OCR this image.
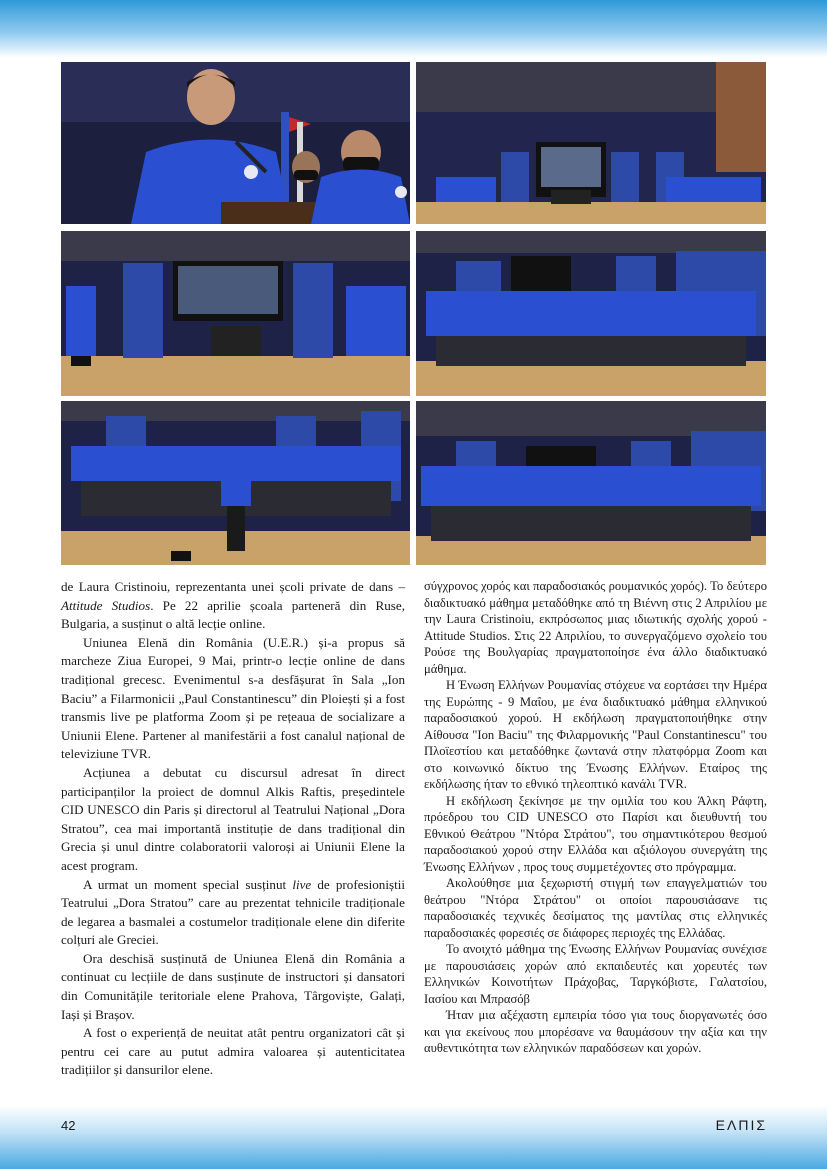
de Laura Cristinoiu, reprezentanta unei școli private de dans – Attitude Studios. Pe 22 aprilie școala parteneră din Ruse, Bulgaria, a susținut o altă lecție online.

Uniunea Elenă din România (U.E.R.) și-a propus să marcheze Ziua Europei, 9 Mai, printr-o lecție online de dans tradițional grecesc. Evenimentul s-a desfășurat în Sala „Ion Baciu” a Filarmonicii „Paul Constantinescu” din Ploiești și a fost transmis live pe platforma Zoom și pe rețeaua de socializare a Uniunii Elene. Partener al manifestării a fost canalul național de televiziune TVR.

Acțiunea a debutat cu discursul adresat în direct participanților la proiect de domnul Alkis Raftis, președintele CID UNESCO din Paris și directorul al Teatrului Național „Dora Stratou”, cea mai importantă instituție de dans tradițional din Grecia și unul dintre colaboratorii valoroși ai Uniunii Elene la acest program.

A urmat un moment special susținut live de profesioniștii Teatrului „Dora Stratou” care au prezentat tehnicile tradiționale de legarea a basmalei a costumelor tradiționale elene din diferite colțuri ale Greciei.

Ora deschisă susținută de Uniunea Elenă din România a continuat cu lecțiile de dans susținute de instructori și dansatori din Comunitățile teritoriale elene Prahova, Târgoviște, Galați, Iași și Brașov.

A fost o experiență de neuitat atât pentru organizatori cât și pentru cei care au putut admira valoarea și autenticitatea tradițiilor și dansurilor elene.

σύγχρονος χορός και παραδοσιακός ρουμανικός χορός). Το δεύτερο διαδικτυακό μάθημα μεταδόθηκε από τη Βιέννη στις 2 Απριλίου με την Laura Cristinoiu, εκπρόσωπος μιας ιδιωτικής σχολής χορού - Attitude Studios. Στις 22 Απριλίου, το συνεργαζόμενο σχολείο του Ρούσε της Βουλγαρίας πραγματοποίησε ένα άλλο διαδικτυακό μάθημα.

Η Ένωση Ελλήνων Ρουμανίας στόχευε να εορτάσει την Ημέρα της Ευρώπης - 9 Μαΐου, με ένα διαδικτυακό μάθημα ελληνικού παραδοσιακού χορού. Η εκδήλωση πραγματοποιήθηκε στην Αίθουσα "Ion Baciu" της Φιλαρμονικής "Paul Constantinescu" του Πλοϊεστίου και μεταδόθηκε ζωντανά στην πλατφόρμα Zoom και στο κοινωνικό δίκτυο της Ένωσης Ελλήνων. Εταίρος της εκδήλωσης ήταν το εθνικό τηλεοπτικό κανάλι TVR.

Η εκδήλωση ξεκίνησε με την ομιλία του κου Άλκη Ράφτη, πρόεδρου του CID UNESCO στο Παρίσι και διευθυντή του Εθνικού Θεάτρου "Ντόρα Στράτου", του σημαντικότερου θεσμού παραδοσιακού χορού στην Ελλάδα και αξιόλογου συνεργάτη της Ένωσης Ελλήνων , προς τους συμμετέχοντες στο πρόγραμμα.

Ακολούθησε μια ξεχωριστή στιγμή των επαγγελματιών του θεάτρου "Ντόρα Στράτου" οι οποίοι παρουσιάσανε τις παραδοσιακές τεχνικές δεσίματος της μαντίλας στις ελληνικές παραδοσιακές φορεσιές σε διάφορες περιοχές της Ελλάδας.

Το ανοιχτό μάθημα της Ένωσης Ελλήνων Ρουμανίας συνέχισε με παρουσιάσεις χορών από εκπαιδευτές και χορευτές των Ελληνικών Κοινοτήτων Πράχοβας, Ταργκόβιστε, Γαλατσίου, Ιασίου και Μπρασόβ

Ήταν μια αξέχαστη εμπειρία τόσο για τους διοργανωτές όσο και για εκείνους που μπορέσανε να θαυμάσουν την αξία και την αυθεντικότητα των ελληνικών παραδόσεων και χορών.

42	ΕΛΠΙΣ
